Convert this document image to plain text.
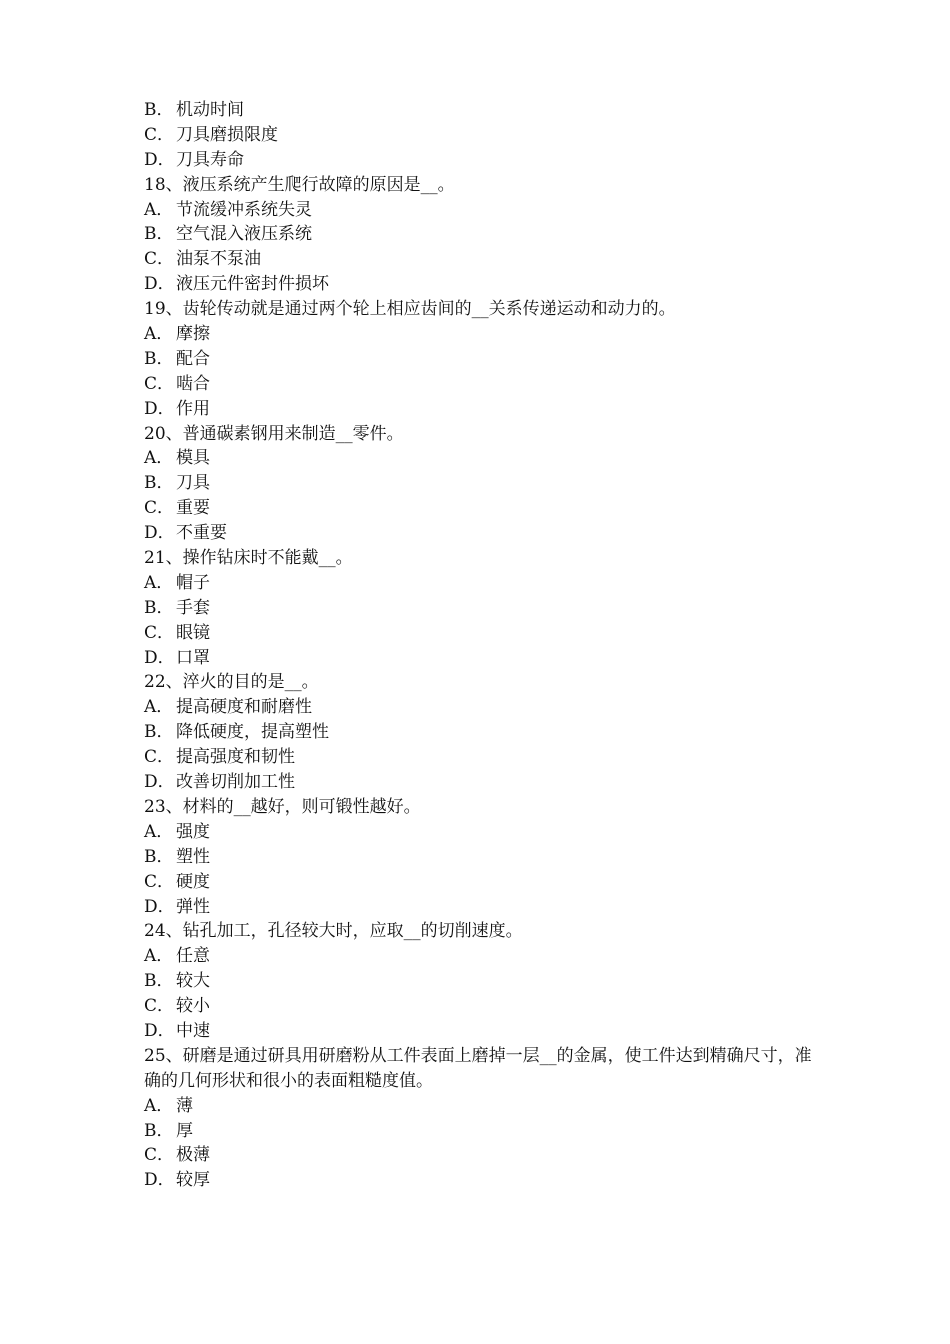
B． 机动时间
C． 刀具磨损限度
D．刀具寿命
18、液压系统产生爬行故障的原因是__。
A． 节流缓冲系统失灵
B． 空气混入液压系统
C． 油泵不泵油
D．液压元件密封件损坏
19、齿轮传动就是通过两个轮上相应齿间的__关系传递运动和动力的。
A． 摩擦
B． 配合
C． 啮合
D．作用
20、普通碳素钢用来制造__零件。
A． 模具
B． 刀具
C． 重要
D．不重要
21、操作钻床时不能戴__。
A． 帽子
B． 手套
C． 眼镜
D．口罩
22、淬火的目的是__。
A． 提高硬度和耐磨性
B． 降低硬度，提高塑性
C． 提高强度和韧性
D．改善切削加工性
23、材料的__越好，则可锻性越好。
A． 强度
B． 塑性
C． 硬度
D．弹性
24、钻孔加工，孔径较大时，应取__的切削速度。
A． 任意
B． 较大
C． 较小
D．中速
25、研磨是通过研具用研磨粉从工件表面上磨掉一层__的金属，使工件达到精确尺寸，准确的几何形状和很小的表面粗糙度值。
A． 薄
B． 厚
C． 极薄
D．较厚
